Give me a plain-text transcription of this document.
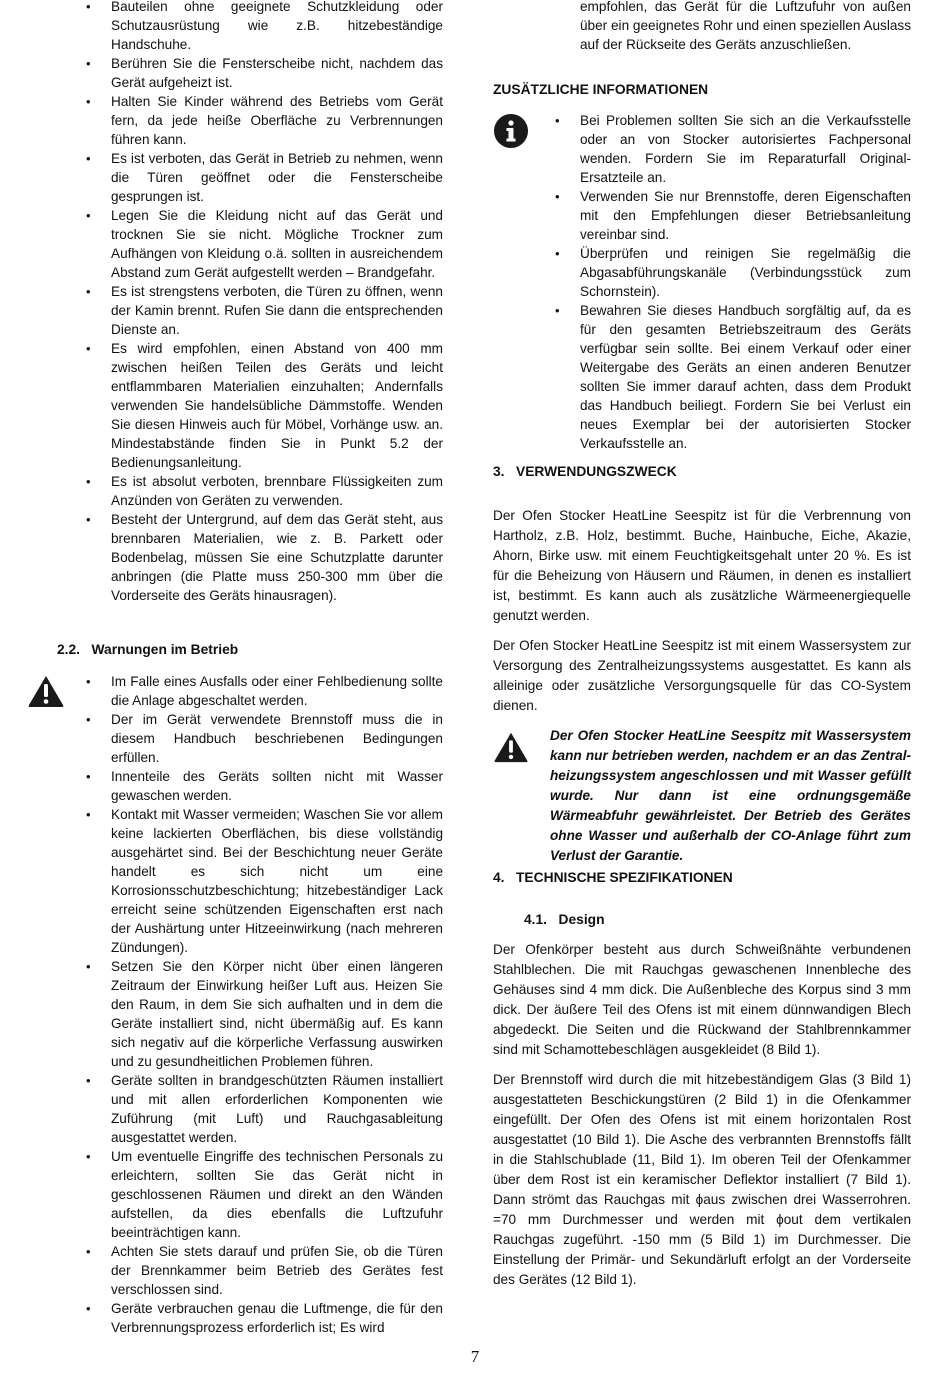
• Bauteilen ohne geeignete Schutzkleidung oder Schutzausrüstung wie z.B. hitzebeständige Handschuhe.
• Berühren Sie die Fensterscheibe nicht, nachdem das Gerät aufgeheizt ist.
• Halten Sie Kinder während des Betriebs vom Gerät fern, da jede heiße Oberfläche zu Verbrennungen führen kann.
• Es ist verboten, das Gerät in Betrieb zu nehmen, wenn die Türen geöffnet oder die Fensterscheibe gesprungen ist.
• Legen Sie die Kleidung nicht auf das Gerät und trocknen Sie sie nicht. Mögliche Trockner zum Aufhängen von Kleidung o.ä. sollten in ausreichendem Abstand zum Gerät aufgestellt werden – Brandgefahr.
• Es ist strengstens verboten, die Türen zu öffnen, wenn der Kamin brennt. Rufen Sie dann die entsprechenden Dienste an.
• Es wird empfohlen, einen Abstand von 400 mm zwischen heißen Teilen des Geräts und leicht entflammbaren Materialien einzuhalten; Andernfalls verwenden Sie handelsübliche Dämmstoffe. Wenden Sie diesen Hinweis auch für Möbel, Vorhänge usw. an. Mindestabstände finden Sie in Punkt 5.2 der Bedienungsanleitung.
• Es ist absolut verboten, brennbare Flüssigkeiten zum Anzünden von Geräten zu verwenden.
• Besteht der Untergrund, auf dem das Gerät steht, aus brennbaren Materialien, wie z. B. Parkett oder Bodenbelag, müssen Sie eine Schutzplatte darunter anbringen (die Platte muss 250-300 mm über die Vorderseite des Geräts hinausragen).
2.2.   Warnungen im Betrieb
• Im Falle eines Ausfalls oder einer Fehlbedienung sollte die Anlage abgeschaltet werden.
• Der im Gerät verwendete Brennstoff muss die in diesem Handbuch beschriebenen Bedingungen erfüllen.
• Innenteile des Geräts sollten nicht mit Wasser gewaschen werden.
• Kontakt mit Wasser vermeiden; Waschen Sie vor allem keine lackierten Oberflächen, bis diese vollständig ausgehärtet sind. Bei der Beschichtung neuer Geräte handelt es sich nicht um eine Korrosionsschutzbeschichtung; hitzebeständiger Lack erreicht seine schützenden Eigenschaften erst nach der Aushärtung unter Hitzeeinwirkung (nach mehreren Zündungen).
• Setzen Sie den Körper nicht über einen längeren Zeitraum der Einwirkung heißer Luft aus. Heizen Sie den Raum, in dem Sie sich aufhalten und in dem die Geräte installiert sind, nicht übermäßig auf. Es kann sich negativ auf die körperliche Verfassung auswirken und zu gesundheitlichen Problemen führen.
• Geräte sollten in brandgeschützten Räumen installiert und mit allen erforderlichen Komponenten wie Zuführung (mit Luft) und Rauchgasableitung ausgestattet werden.
• Um eventuelle Eingriffe des technischen Personals zu erleichtern, sollten Sie das Gerät nicht in geschlossenen Räumen und direkt an den Wänden aufstellen, da dies ebenfalls die Luftzufuhr beeinträchtigen kann.
• Achten Sie stets darauf und prüfen Sie, ob die Türen der Brennkammer beim Betrieb des Gerätes fest verschlossen sind.
• Geräte verbrauchen genau die Luftmenge, die für den Verbrennungsprozess erforderlich ist; Es wird

empfohlen, das Gerät für die Luftzufuhr von außen über ein geeignetes Rohr und einen speziellen Auslass auf der Rückseite des Geräts anzuschließen.

ZUSÄTZLICHE INFORMATIONEN
• Bei Problemen sollten Sie sich an die Verkaufsstelle oder an von Stocker autorisiertes Fachpersonal wenden. Fordern Sie im Reparaturfall Original-Ersatzteile an.
• Verwenden Sie nur Brennstoffe, deren Eigenschaften mit den Empfehlungen dieser Betriebsanleitung vereinbar sind.
• Überprüfen und reinigen Sie regelmäßig die Abgasabführungskanäle (Verbindungsstück zum Schornstein).
• Bewahren Sie dieses Handbuch sorgfältig auf, da es für den gesamten Betriebszeitraum des Geräts verfügbar sein sollte. Bei einem Verkauf oder einer Weitergabe des Geräts an einen anderen Benutzer sollten Sie immer darauf achten, dass dem Produkt das Handbuch beiliegt. Fordern Sie bei Verlust ein neues Exemplar bei der autorisierten Stocker Verkaufsstelle an.
3.   VERWENDUNGSZWECK

Der Ofen Stocker HeatLine Seespitz ist für die Verbrennung von Hartholz, z.B. Holz, bestimmt. Buche, Hainbuche, Eiche, Akazie, Ahorn, Birke usw. mit einem Feuchtigkeitsgehalt unter 20 %. Es ist für die Beheizung von Häusern und Räumen, in denen es installiert ist, bestimmt. Es kann auch als zusätzliche Wärmeenergiequelle genutzt werden.

Der Ofen Stocker HeatLine Seespitz ist mit einem Wassersystem zur Versorgung des Zentralheizungssystems ausgestattet. Es kann als alleinige oder zusätzliche Versorgungsquelle für das CO-System dienen.

Der Ofen Stocker HeatLine Seespitz mit Wassersystem kann nur betrieben werden, nachdem er an das Zentral-heizungssystem angeschlossen und mit Wasser gefüllt wurde. Nur dann ist eine ordnungsgemäße Wärmeabfuhr gewährleistet. Der Betrieb des Gerätes ohne Wasser und außerhalb der CO-Anlage führt zum Verlust der Garantie.

4.   TECHNISCHE SPEZIFIKATIONEN
4.1.   Design

Der Ofenkörper besteht aus durch Schweißnähte verbundenen Stahlblechen. Die mit Rauchgas gewaschenen Innenbleche des Gehäuses sind 4 mm dick. Die Außenbleche des Korpus sind 3 mm dick. Der äußere Teil des Ofens ist mit einem dünnwandigen Blech abgedeckt. Die Seiten und die Rückwand der Stahlbrennkammer sind mit Schamottebeschlägen ausgekleidet (8 Bild 1).

Der Brennstoff wird durch die mit hitzebeständigem Glas (3 Bild 1) ausgestatteten Beschickungstüren (2 Bild 1) in die Ofenkammer eingefüllt. Der Ofen des Ofens ist mit einem horizontalen Rost ausgestattet (10 Bild 1). Die Asche des verbrannten Brennstoffs fällt in die Stahlschublade (11, Bild 1). Im oberen Teil der Ofenkammer über dem Rost ist ein keramischer Deflektor installiert (7 Bild 1). Dann strömt das Rauchgas mit ϕaus zwischen drei Wasserrohren. =70 mm Durchmesser und werden mit ϕout dem vertikalen Rauchgas zugeführt. -150 mm (5 Bild 1) im Durchmesser. Die Einstellung der Primär- und Sekundärluft erfolgt an der Vorderseite des Gerätes (12 Bild 1).

7
